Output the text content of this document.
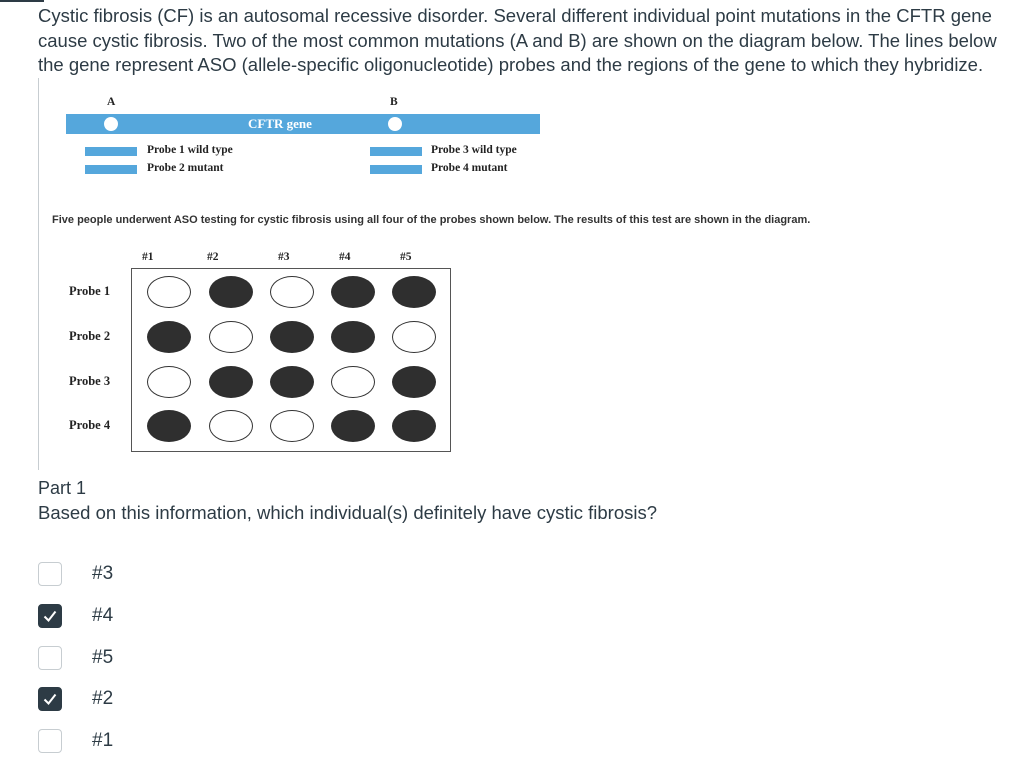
Cystic fibrosis (CF) is an autosomal recessive disorder. Several different individual point mutations in the CFTR gene cause cystic fibrosis. Two of the most common mutations (A and B) are shown on the diagram below. The lines below the gene represent ASO (allele-specific oligonucleotide) probes and the regions of the gene to which they hybridize.

A	B
CFTR gene
Probe 1 wild type
Probe 2 mutant
Probe 3 wild type
Probe 4 mutant
Five people underwent ASO testing for cystic fibrosis using all four of the probes shown below. The results of this test are shown in the diagram.
#1	#2	#3	#4	#5
Probe 1
Probe 2
Probe 3
Probe 4
Part 1
Based on this information, which individual(s) definitely have cystic fibrosis?
#3
#4
#5
#2
#1
